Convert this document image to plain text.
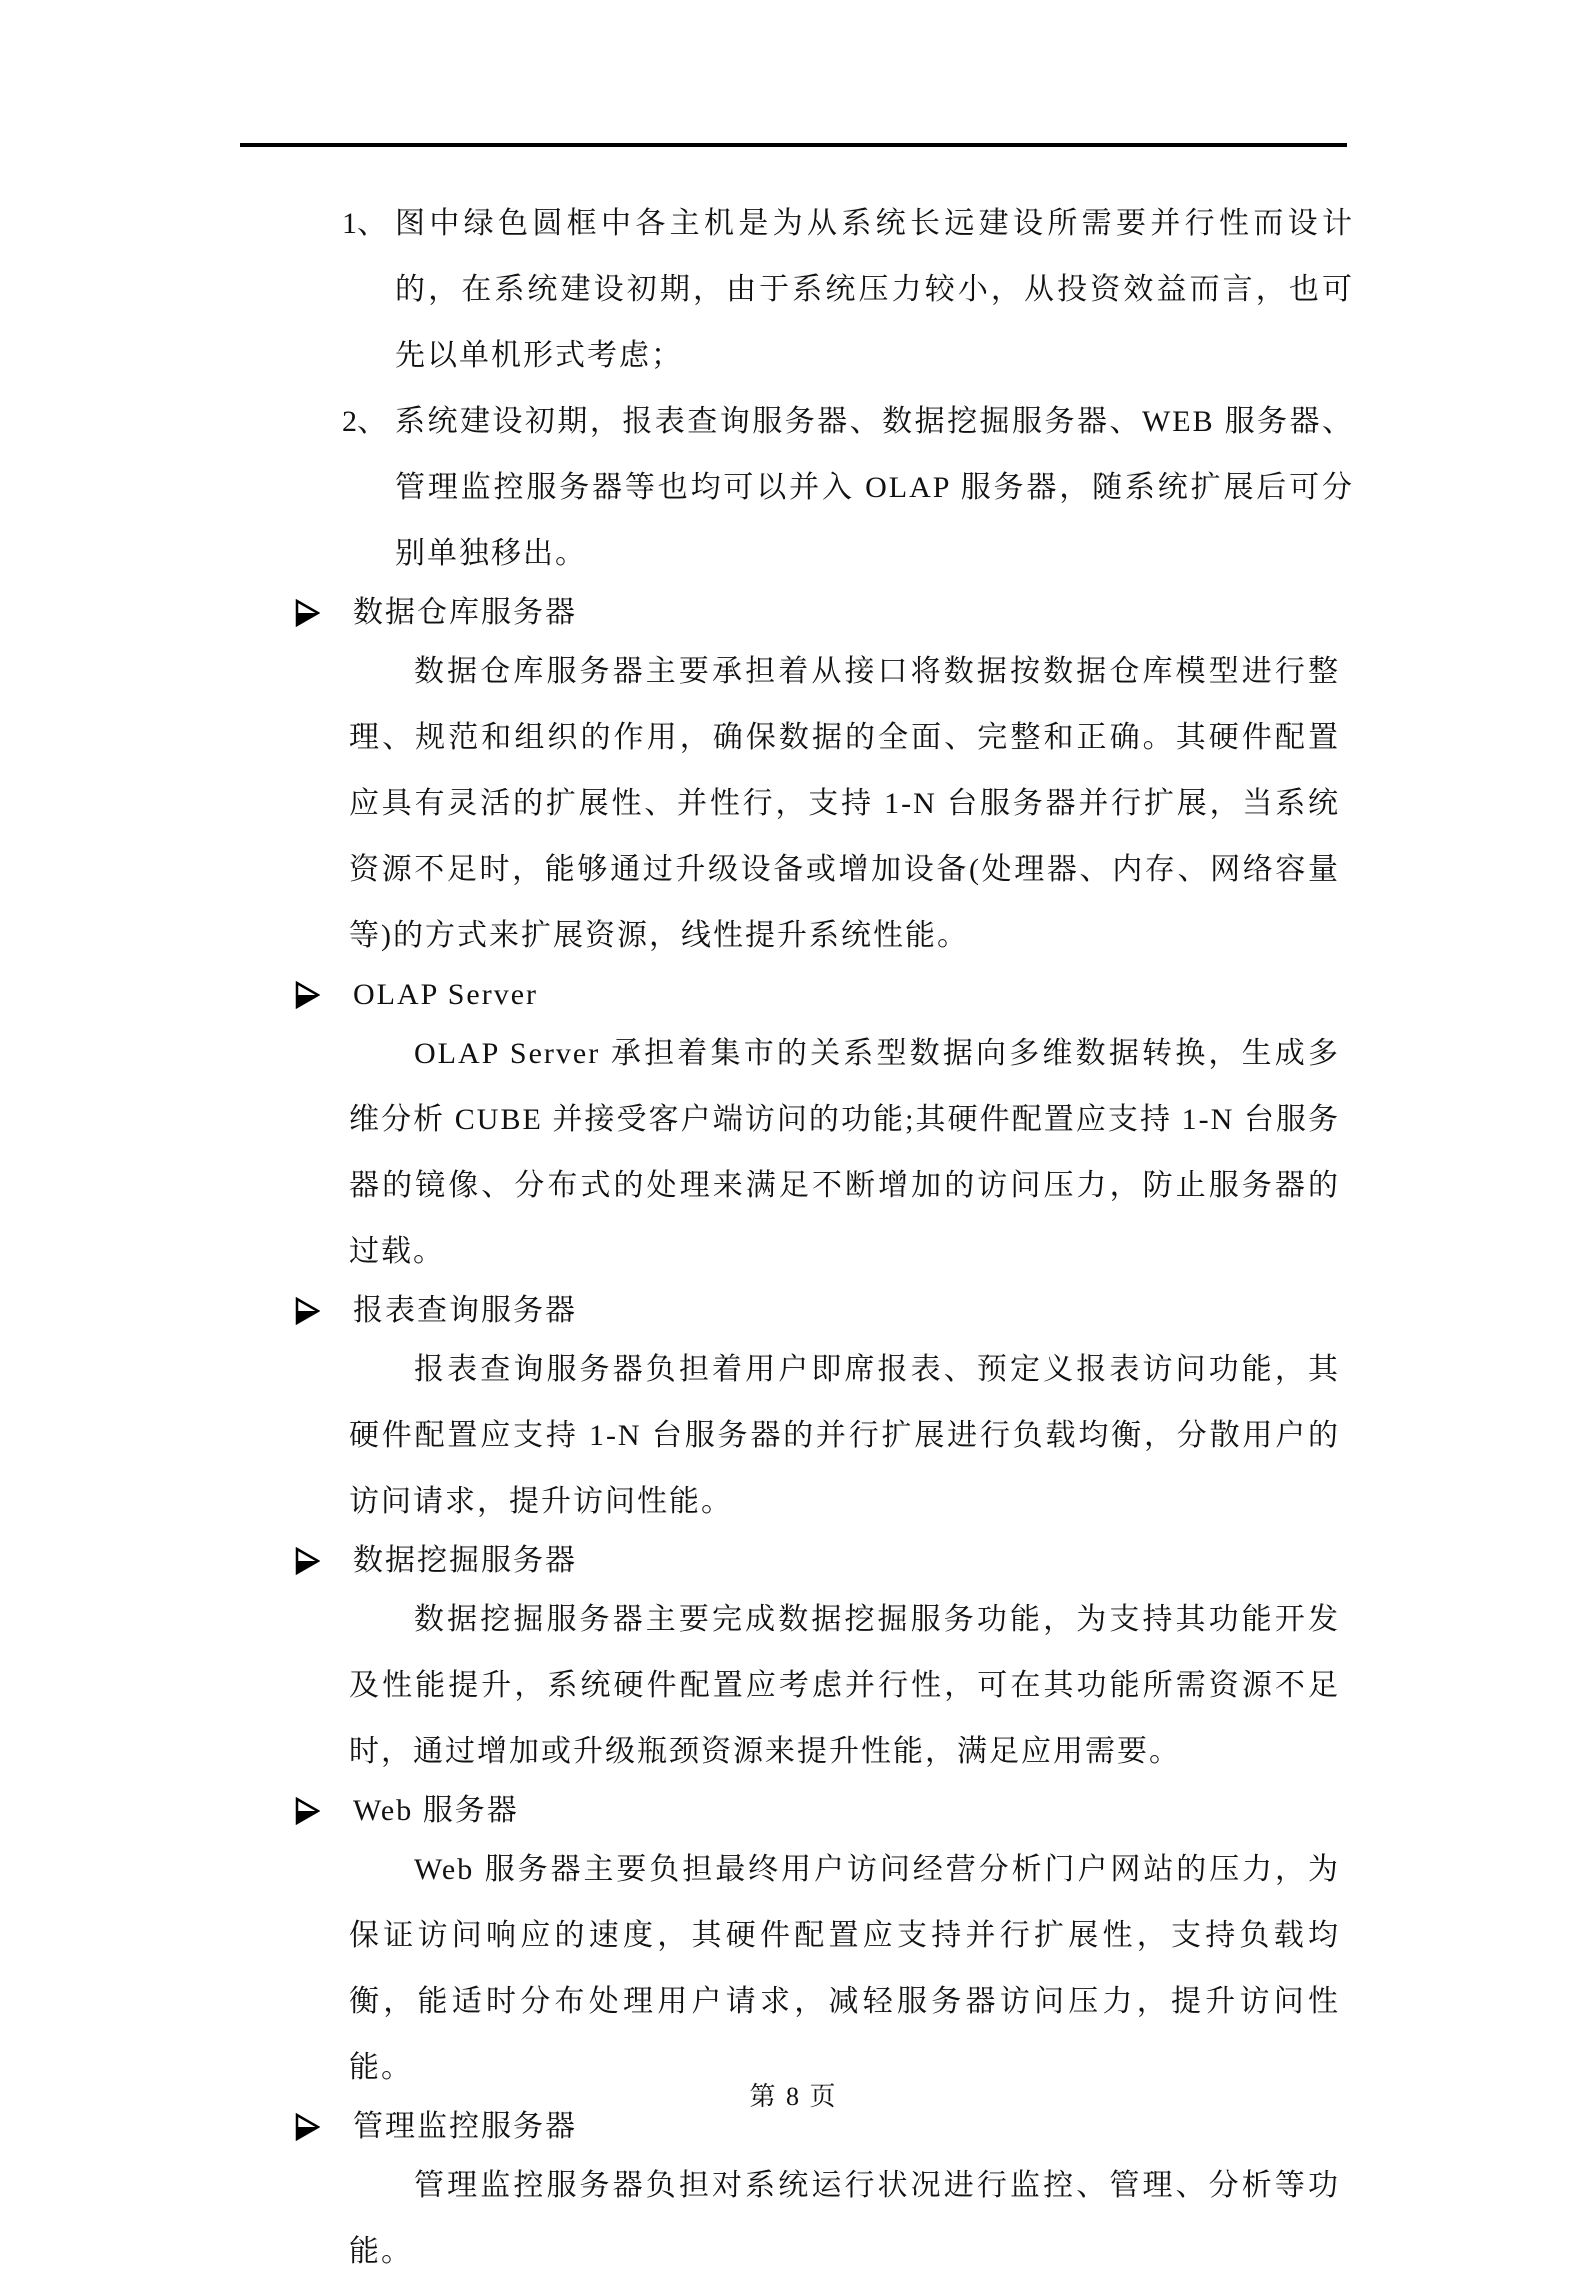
1、 图中绿色圆框中各主机是为从系统长远建设所需要并行性而设计的，在系统建设初期，由于系统压力较小，从投资效益而言，也可先以单机形式考虑；
2、 系统建设初期，报表查询服务器、数据挖掘服务器、WEB 服务器、管理监控服务器等也均可以并入 OLAP 服务器，随系统扩展后可分别单独移出。
数据仓库服务器
数据仓库服务器主要承担着从接口将数据按数据仓库模型进行整理、规范和组织的作用，确保数据的全面、完整和正确。其硬件配置应具有灵活的扩展性、并性行，支持 1-N 台服务器并行扩展，当系统资源不足时，能够通过升级设备或增加设备(处理器、内存、网络容量等)的方式来扩展资源，线性提升系统性能。
OLAP Server
OLAP Server 承担着集市的关系型数据向多维数据转换，生成多维分析 CUBE 并接受客户端访问的功能;其硬件配置应支持 1-N 台服务器的镜像、分布式的处理来满足不断增加的访问压力，防止服务器的过载。
报表查询服务器
报表查询服务器负担着用户即席报表、预定义报表访问功能，其硬件配置应支持 1-N 台服务器的并行扩展进行负载均衡，分散用户的访问请求，提升访问性能。
数据挖掘服务器
数据挖掘服务器主要完成数据挖掘服务功能，为支持其功能开发及性能提升，系统硬件配置应考虑并行性，可在其功能所需资源不足时，通过增加或升级瓶颈资源来提升性能，满足应用需要。
Web 服务器
Web 服务器主要负担最终用户访问经营分析门户网站的压力，为保证访问响应的速度，其硬件配置应支持并行扩展性，支持负载均衡，能适时分布处理用户请求，减轻服务器访问压力，提升访问性能。
管理监控服务器
管理监控服务器负担对系统运行状况进行监控、管理、分析等功能。
第 8 页
